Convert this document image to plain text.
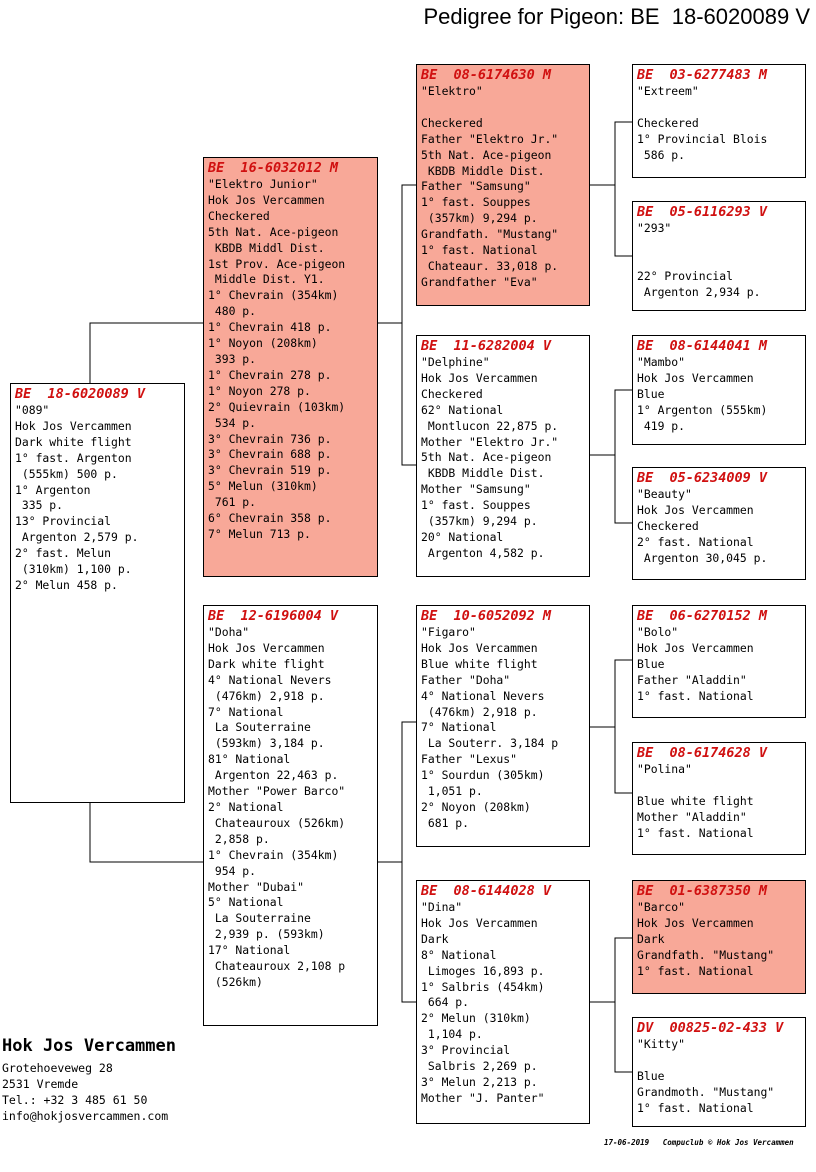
Pedigree for Pigeon: BE  18-6020089 V
BE  18-6020089 V
"089"
Hok Jos Vercammen
Dark white flight
1° fast. Argenton
(555km) 500 p.
1° Argenton
335 p.
13° Provincial
Argenton 2,579 p.
2° fast. Melun
(310km) 1,100 p.
2° Melun 458 p.
BE  16-6032012 M
"Elektro Junior"
Hok Jos Vercammen
Checkered
5th Nat. Ace-pigeon
KBDB Middl Dist.
1st Prov. Ace-pigeon
Middle Dist. Y1.
1° Chevrain (354km)
480 p.
1° Chevrain 418 p.
1° Noyon (208km)
393 p.
1° Chevrain 278 p.
1° Noyon 278 p.
2° Quievrain (103km)
534 p.
3° Chevrain 736 p.
3° Chevrain 688 p.
3° Chevrain 519 p.
5° Melun (310km)
761 p.
6° Chevrain 358 p.
7° Melun 713 p.
BE  12-6196004 V
"Doha"
Hok Jos Vercammen
Dark white flight
4° National Nevers
(476km) 2,918 p.
7° National
La Souterraine
(593km) 3,184 p.
81° National
Argenton 22,463 p.
Mother "Power Barco"
2° National
Chateauroux (526km)
2,858 p.
1° Chevrain (354km)
954 p.
Mother "Dubai"
5° National
La Souterraine
2,939 p. (593km)
17° National
Chateauroux 2,108 p
(526km)
BE  08-6174630 M
"Elektro"
Checkered
Father "Elektro Jr."
5th Nat. Ace-pigeon
KBDB Middle Dist.
Father "Samsung"
1° fast. Souppes
(357km) 9,294 p.
Grandfath. "Mustang"
1° fast. National
Chateaur. 33,018 p.
Grandfather "Eva"
BE  11-6282004 V
"Delphine"
Hok Jos Vercammen
Checkered
62° National
Montlucon 22,875 p.
Mother "Elektro Jr."
5th Nat. Ace-pigeon
KBDB Middle Dist.
Mother "Samsung"
1° fast. Souppes
(357km) 9,294 p.
20° National
Argenton 4,582 p.
BE  10-6052092 M
"Figaro"
Hok Jos Vercammen
Blue white flight
Father "Doha"
4° National Nevers
(476km) 2,918 p.
7° National
La Souterr. 3,184 p
Father "Lexus"
1° Sourdun (305km)
1,051 p.
2° Noyon (208km)
681 p.
BE  08-6144028 V
"Dina"
Hok Jos Vercammen
Dark
8° National
Limoges 16,893 p.
1° Salbris (454km)
664 p.
2° Melun (310km)
1,104 p.
3° Provincial
Salbris 2,269 p.
3° Melun 2,213 p.
Mother "J. Panter"
BE  03-6277483 M
"Extreem"
Checkered
1° Provincial Blois
586 p.
BE  05-6116293 V
"293"
22° Provincial
Argenton 2,934 p.
BE  08-6144041 M
"Mambo"
Hok Jos Vercammen
Blue
1° Argenton (555km)
419 p.
BE  05-6234009 V
"Beauty"
Hok Jos Vercammen
Checkered
2° fast. National
Argenton 30,045 p.
BE  06-6270152 M
"Bolo"
Hok Jos Vercammen
Blue
Father "Aladdin"
1° fast. National
BE  08-6174628 V
"Polina"
Blue white flight
Mother "Aladdin"
1° fast. National
BE  01-6387350 M
"Barco"
Hok Jos Vercammen
Dark
Grandfath. "Mustang"
1° fast. National
DV  00825-02-433 V
"Kitty"
Blue
Grandmoth. "Mustang"
1° fast. National
Hok Jos Vercammen
Grotehoeveweg 28
2531 Vremde
Tel.: +32 3 485 61 50
info@hokjosvercammen.com
17-06-2019   Compuclub © Hok Jos Vercammen
